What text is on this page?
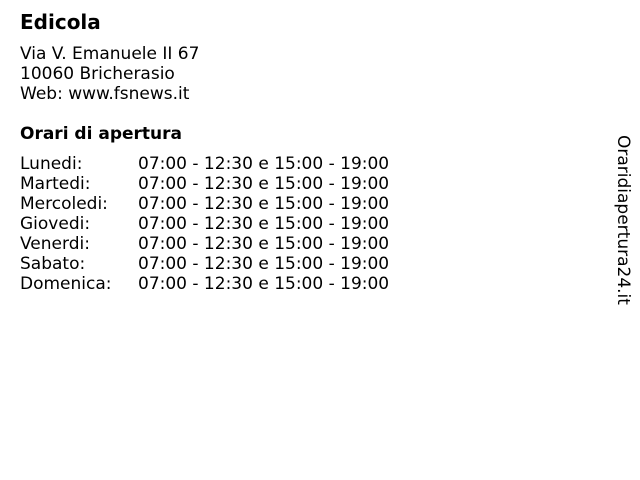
Edicola
Via V. Emanuele II 67
10060 Bricherasio
Web: www.fsnews.it
Orari di apertura
Lunedi:	07:00 - 12:30 e 15:00 - 19:00
Martedi:	07:00 - 12:30 e 15:00 - 19:00
Mercoledi:	07:00 - 12:30 e 15:00 - 19:00
Giovedi:	07:00 - 12:30 e 15:00 - 19:00
Venerdi:	07:00 - 12:30 e 15:00 - 19:00
Sabato:	07:00 - 12:30 e 15:00 - 19:00
Domenica:	07:00 - 12:30 e 15:00 - 19:00	Oraridiapertura24.it
